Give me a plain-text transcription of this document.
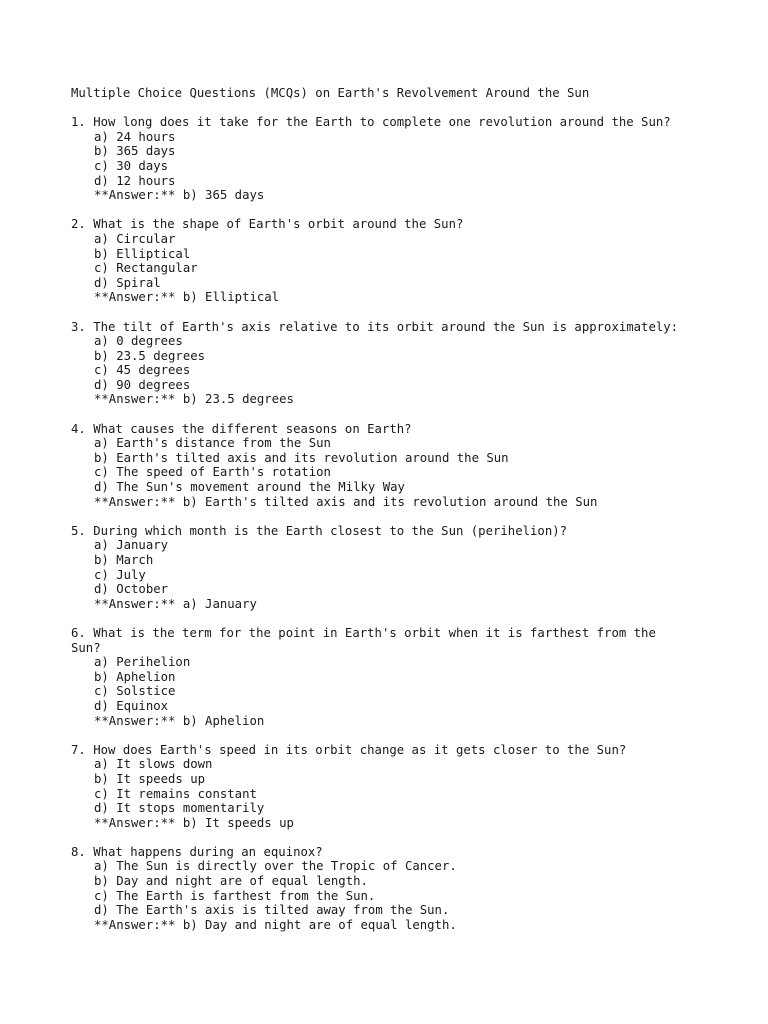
Multiple Choice Questions (MCQs) on Earth's Revolvement Around the Sun
1. How long does it take for the Earth to complete one revolution around the Sun?
a) 24 hours
b) 365 days
c) 30 days
d) 12 hours
**Answer:** b) 365 days
2. What is the shape of Earth's orbit around the Sun?
a) Circular
b) Elliptical
c) Rectangular
d) Spiral
**Answer:** b) Elliptical
3. The tilt of Earth's axis relative to its orbit around the Sun is approximately:
a) 0 degrees
b) 23.5 degrees
c) 45 degrees
d) 90 degrees
**Answer:** b) 23.5 degrees
4. What causes the different seasons on Earth?
a) Earth's distance from the Sun
b) Earth's tilted axis and its revolution around the Sun
c) The speed of Earth's rotation
d) The Sun's movement around the Milky Way
**Answer:** b) Earth's tilted axis and its revolution around the Sun
5. During which month is the Earth closest to the Sun (perihelion)?
a) January
b) March
c) July
d) October
**Answer:** a) January
6. What is the term for the point in Earth's orbit when it is farthest from the
Sun?
a) Perihelion
b) Aphelion
c) Solstice
d) Equinox
**Answer:** b) Aphelion
7. How does Earth's speed in its orbit change as it gets closer to the Sun?
a) It slows down
b) It speeds up
c) It remains constant
d) It stops momentarily
**Answer:** b) It speeds up
8. What happens during an equinox?
a) The Sun is directly over the Tropic of Cancer.
b) Day and night are of equal length.
c) The Earth is farthest from the Sun.
d) The Earth's axis is tilted away from the Sun.
**Answer:** b) Day and night are of equal length.
